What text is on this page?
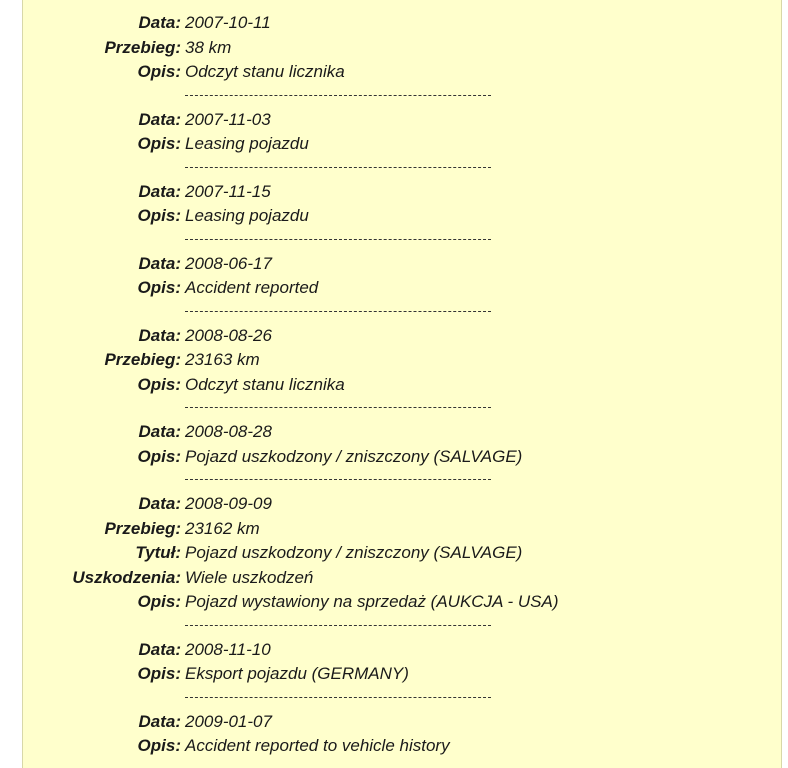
Data: 2007-10-11
Przebieg: 38 km
Opis: Odczyt stanu licznika
Data: 2007-11-03
Opis: Leasing pojazdu
Data: 2007-11-15
Opis: Leasing pojazdu
Data: 2008-06-17
Opis: Accident reported
Data: 2008-08-26
Przebieg: 23163 km
Opis: Odczyt stanu licznika
Data: 2008-08-28
Opis: Pojazd uszkodzony / zniszczony (SALVAGE)
Data: 2008-09-09
Przebieg: 23162 km
Tytuł: Pojazd uszkodzony / zniszczony (SALVAGE)
Uszkodzenia: Wiele uszkodzeń
Opis: Pojazd wystawiony na sprzedaż (AUKCJA - USA)
Data: 2008-11-10
Opis: Eksport pojazdu (GERMANY)
Data: 2009-01-07
Opis: Accident reported to vehicle history
